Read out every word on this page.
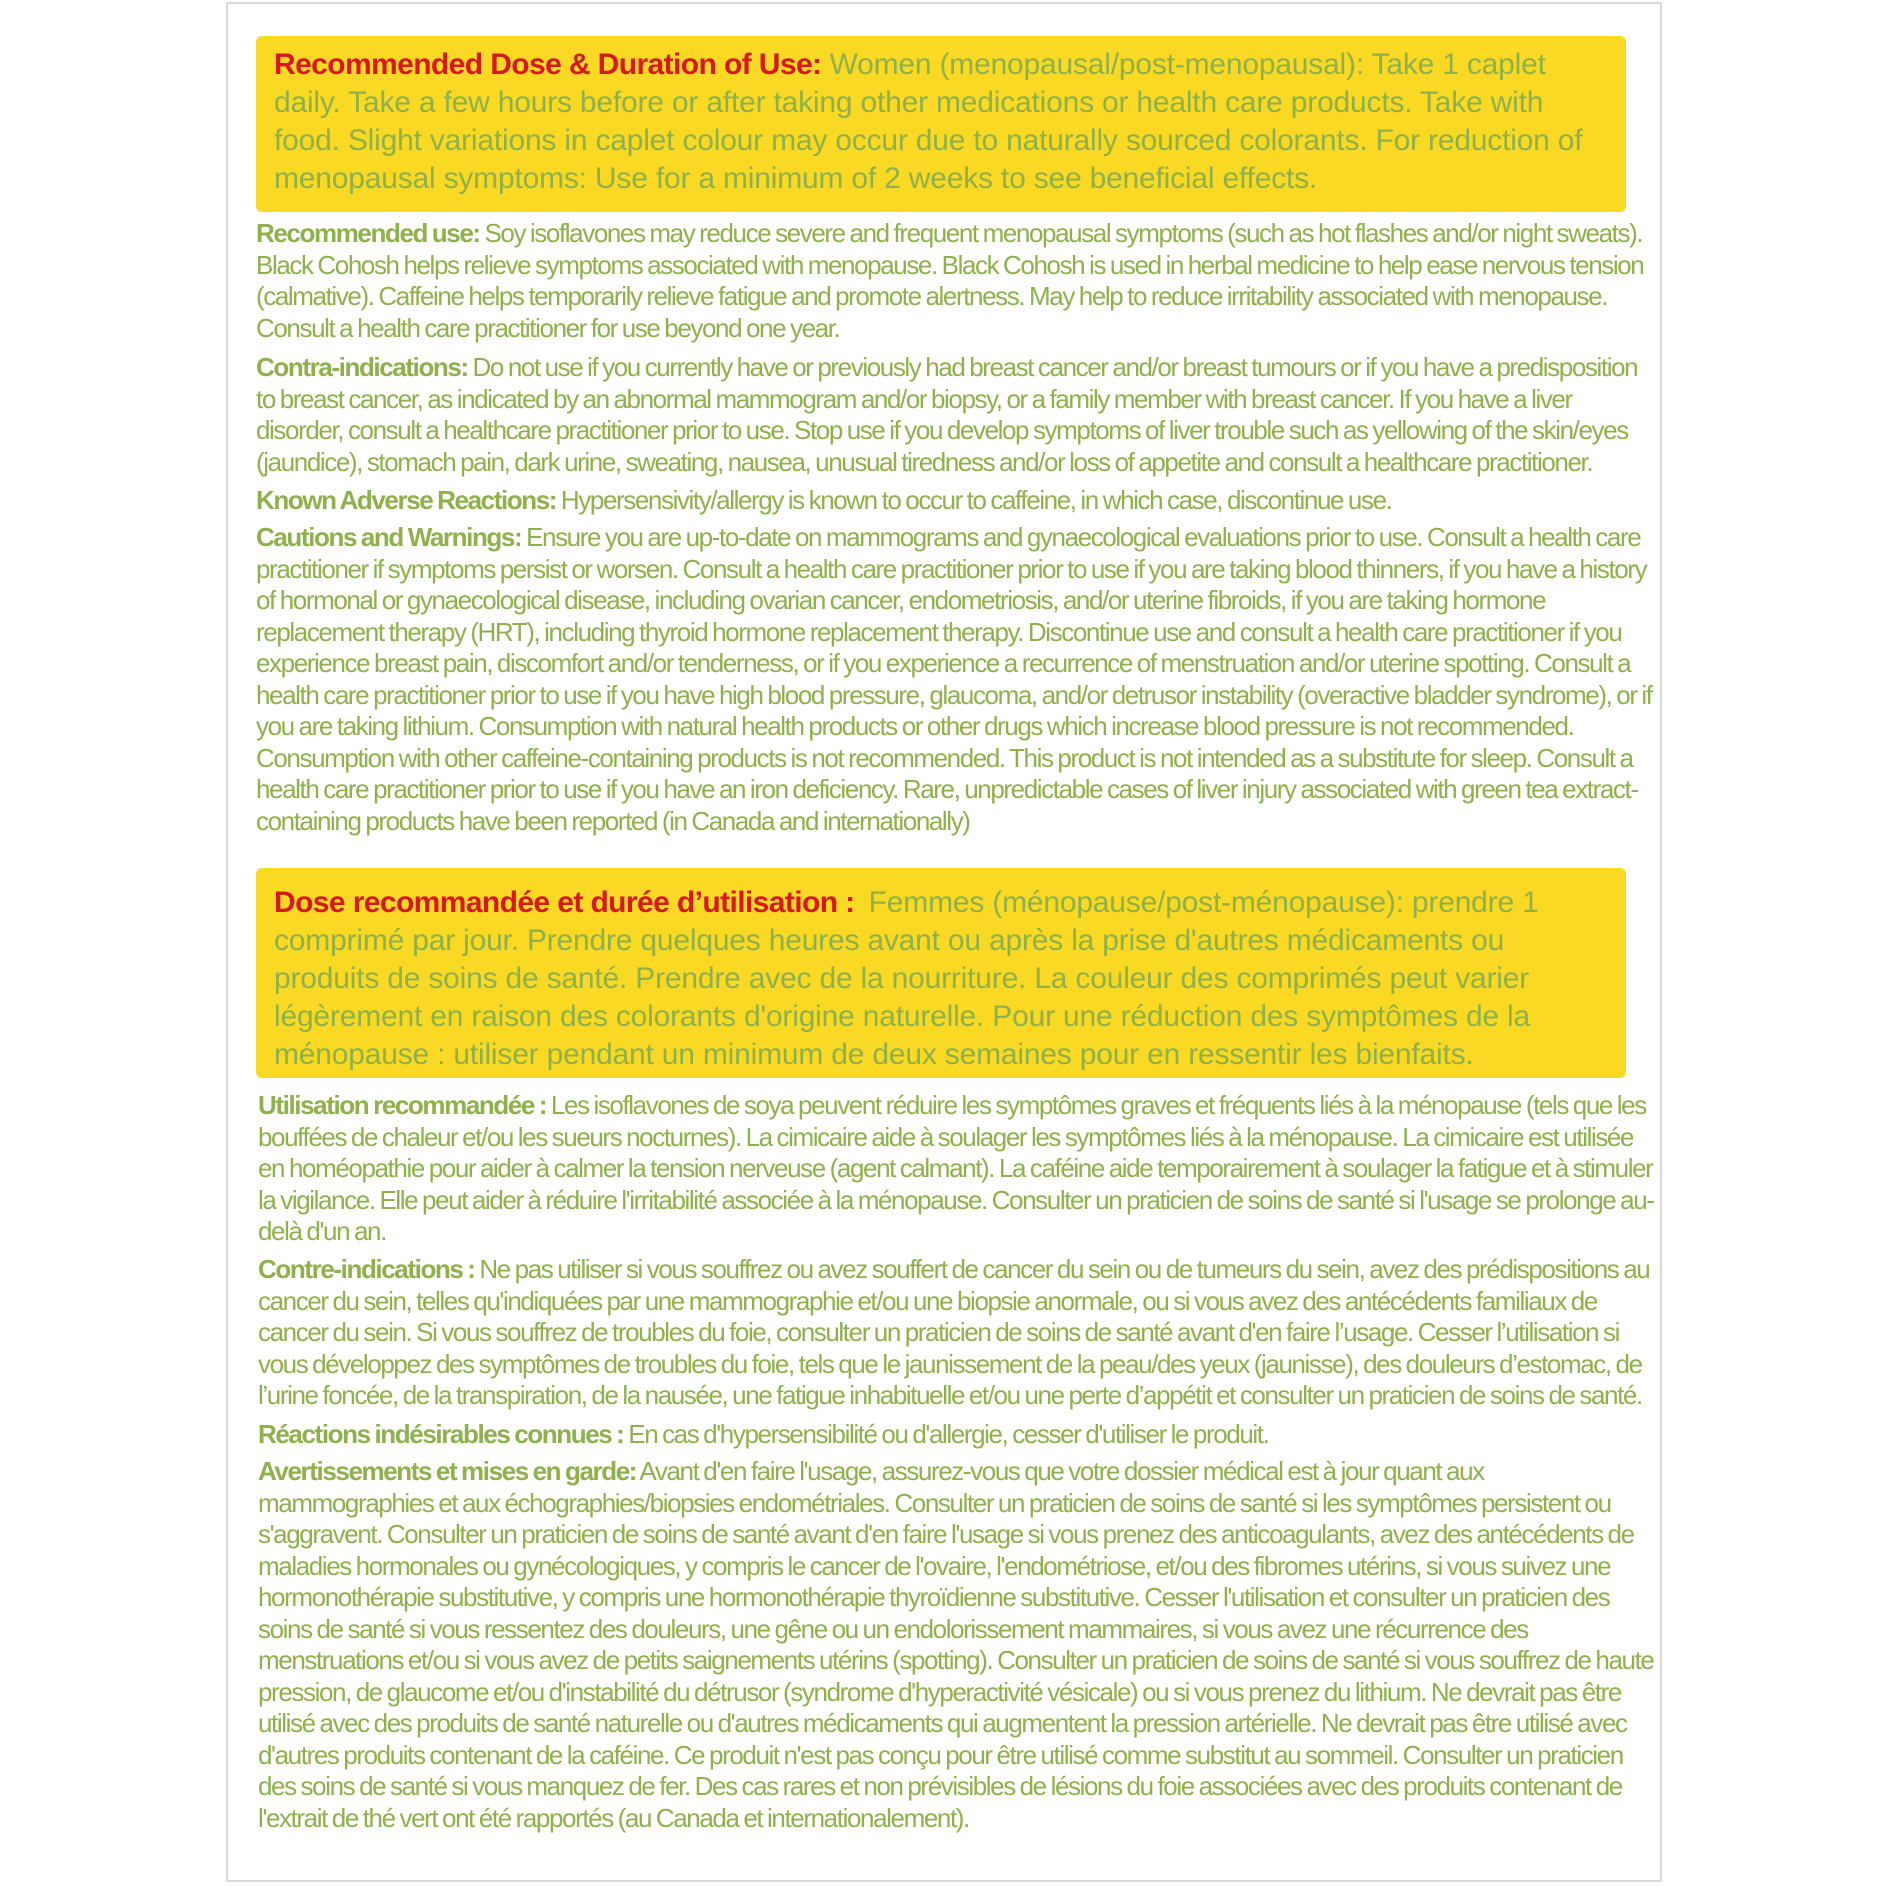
Recommended Dose & Duration of Use: Women (menopausal/post-menopausal): Take 1 caplet daily. Take a few hours before or after taking other medications or health care products. Take with food. Slight variations in caplet colour may occur due to naturally sourced colorants. For reduction of menopausal symptoms: Use for a minimum of 2 weeks to see beneficial effects.
Recommended use: Soy isoflavones may reduce severe and frequent menopausal symptoms (such as hot flashes and/or night sweats). Black Cohosh helps relieve symptoms associated with menopause. Black Cohosh is used in herbal medicine to help ease nervous tension (calmative). Caffeine helps temporarily relieve fatigue and promote alertness. May help to reduce irritability associated with menopause. Consult a health care practitioner for use beyond one year.
Contra-indications: Do not use if you currently have or previously had breast cancer and/or breast tumours or if you have a predisposition to breast cancer, as indicated by an abnormal mammogram and/or biopsy, or a family member with breast cancer. If you have a liver disorder, consult a healthcare practitioner prior to use. Stop use if you develop symptoms of liver trouble such as yellowing of the skin/eyes (jaundice), stomach pain, dark urine, sweating, nausea, unusual tiredness and/or loss of appetite and consult a healthcare practitioner.
Known Adverse Reactions: Hypersensivity/allergy is known to occur to caffeine, in which case, discontinue use.
Cautions and Warnings: Ensure you are up-to-date on mammograms and gynaecological evaluations prior to use. Consult a health care practitioner if symptoms persist or worsen. Consult a health care practitioner prior to use if you are taking blood thinners, if you have a history of hormonal or gynaecological disease, including ovarian cancer, endometriosis, and/or uterine fibroids, if you are taking hormone replacement therapy (HRT), including thyroid hormone replacement therapy. Discontinue use and consult a health care practitioner if you experience breast pain, discomfort and/or tenderness, or if you experience a recurrence of menstruation and/or uterine spotting. Consult a health care practitioner prior to use if you have high blood pressure, glaucoma, and/or detrusor instability (overactive bladder syndrome), or if you are taking lithium. Consumption with natural health products or other drugs which increase blood pressure is not recommended. Consumption with other caffeine-containing products is not recommended. This product is not intended as a substitute for sleep. Consult a health care practitioner prior to use if you have an iron deficiency. Rare, unpredictable cases of liver injury associated with green tea extract-containing products have been reported (in Canada and internationally)
Dose recommandée et durée d’utilisation : Femmes (ménopause/post-ménopause): prendre 1 comprimé par jour. Prendre quelques heures avant ou après la prise d'autres médicaments ou produits de soins de santé. Prendre avec de la nourriture. La couleur des comprimés peut varier légèrement en raison des colorants d'origine naturelle. Pour une réduction des symptômes de la ménopause : utiliser pendant un minimum de deux semaines pour en ressentir les bienfaits.
Utilisation recommandée : Les isoflavones de soya peuvent réduire les symptômes graves et fréquents liés à la ménopause (tels que les bouffées de chaleur et/ou les sueurs nocturnes). La cimicaire aide à soulager les symptômes liés à la ménopause. La cimicaire est utilisée en homéopathie pour aider à calmer la tension nerveuse (agent calmant). La caféine aide temporairement à soulager la fatigue et à stimuler la vigilance. Elle peut aider à réduire l'irritabilité associée à la ménopause. Consulter un praticien de soins de santé si l'usage se prolonge au-delà d'un an.
Contre-indications : Ne pas utiliser si vous souffrez ou avez souffert de cancer du sein ou de tumeurs du sein, avez des prédispositions au cancer du sein, telles qu'indiquées par une mammographie et/ou une biopsie anormale, ou si vous avez des antécédents familiaux de cancer du sein. Si vous souffrez de troubles du foie, consulter un praticien de soins de santé avant d'en faire l’usage. Cesser l’utilisation si vous développez des symptômes de troubles du foie, tels que le jaunissement de la peau/des yeux (jaunisse), des douleurs d’estomac, de l’urine foncée, de la transpiration, de la nausée, une fatigue inhabituelle et/ou une perte d’appétit et consulter un praticien de soins de santé.
Réactions indésirables connues : En cas d'hypersensibilité ou d'allergie, cesser d'utiliser le produit.
Avertissements et mises en garde: Avant d'en faire l'usage, assurez-vous que votre dossier médical est à jour quant aux mammographies et aux échographies/biopsies endométriales. Consulter un praticien de soins de santé si les symptômes persistent ou s'aggravent. Consulter un praticien de soins de santé avant d'en faire l'usage si vous prenez des anticoagulants, avez des antécédents de maladies hormonales ou gynécologiques, y compris le cancer de l'ovaire, l'endométriose, et/ou des fibromes utérins, si vous suivez une hormonothérapie substitutive, y compris une hormonothérapie thyroïdienne substitutive. Cesser l'utilisation et consulter un praticien des soins de santé si vous ressentez des douleurs, une gêne ou un endolorissement mammaires, si vous avez une récurrence des menstruations et/ou si vous avez de petits saignements utérins (spotting). Consulter un praticien de soins de santé si vous souffrez de haute pression, de glaucome et/ou d'instabilité du détrusor (syndrome d'hyperactivité vésicale) ou si vous prenez du lithium. Ne devrait pas être utilisé avec des produits de santé naturelle ou d'autres médicaments qui augmentent la pression artérielle. Ne devrait pas être utilisé avec d'autres produits contenant de la caféine. Ce produit n'est pas conçu pour être utilisé comme substitut au sommeil. Consulter un praticien des soins de santé si vous manquez de fer. Des cas rares et non prévisibles de lésions du foie associées avec des produits contenant de l'extrait de thé vert ont été rapportés (au Canada et internationalement).
